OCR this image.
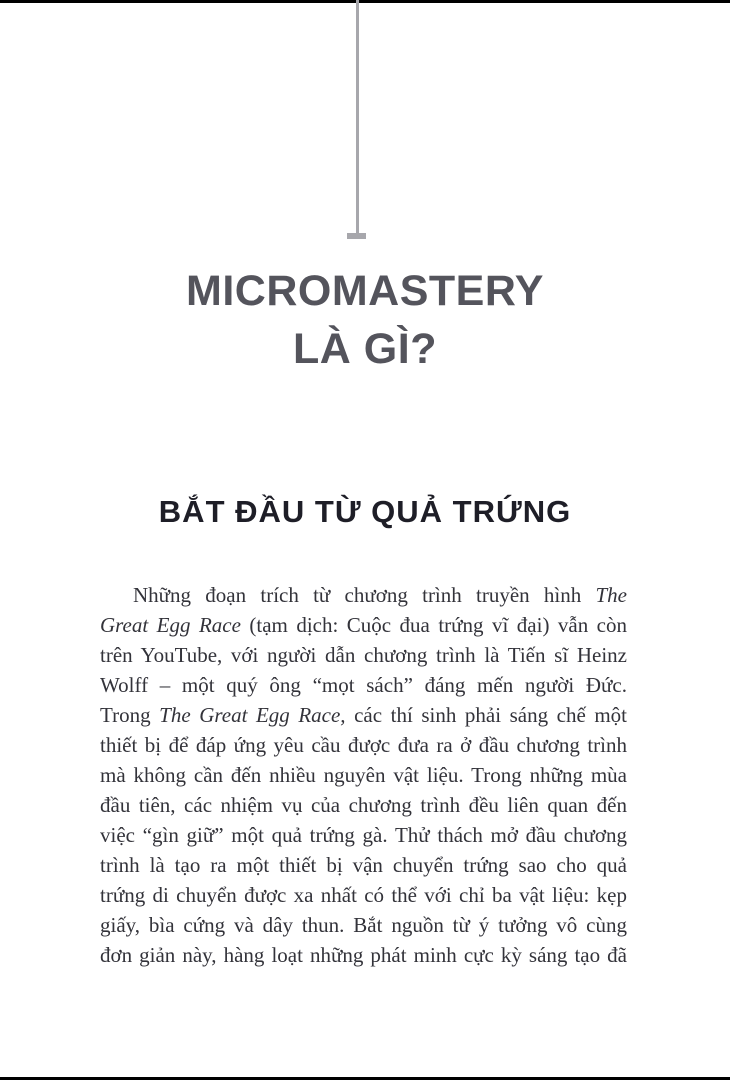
MICROMASTERY
LÀ GÌ?
BẮT ĐẦU TỪ QUẢ TRỨNG
Những đoạn trích từ chương trình truyền hình The
Great Egg Race (tạm dịch: Cuộc đua trứng vĩ đại) vẫn còn
trên YouTube, với người dẫn chương trình là Tiến sĩ Heinz
Wolff – một quý ông “mọt sách” đáng mến người Đức.
Trong The Great Egg Race, các thí sinh phải sáng chế một
thiết bị để đáp ứng yêu cầu được đưa ra ở đầu chương trình
mà không cần đến nhiều nguyên vật liệu. Trong những mùa
đầu tiên, các nhiệm vụ của chương trình đều liên quan đến
việc “gìn giữ” một quả trứng gà. Thử thách mở đầu chương
trình là tạo ra một thiết bị vận chuyển trứng sao cho quả
trứng di chuyển được xa nhất có thể với chỉ ba vật liệu: kẹp
giấy, bìa cứng và dây thun. Bắt nguồn từ ý tưởng vô cùng
đơn giản này, hàng loạt những phát minh cực kỳ sáng tạo đã
